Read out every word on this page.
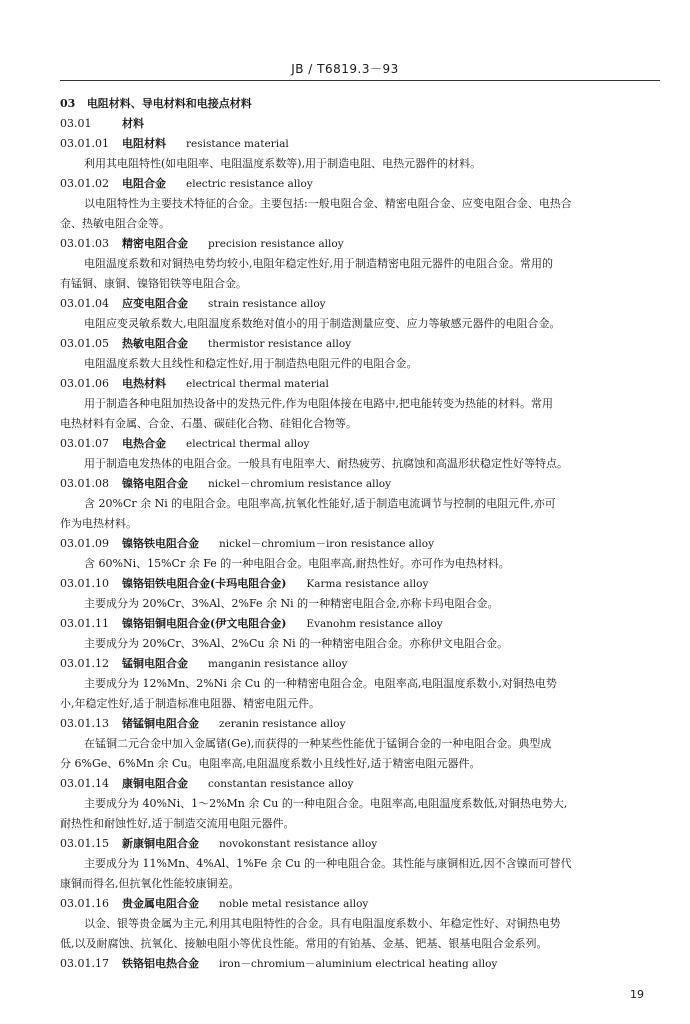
JB / T6819.3－93
03 电阻材料、导电材料和电接点材料
03.01	材料
03.01.01 电阻材料 resistance material
利用其电阻特性(如电阻率、电阻温度系数等),用于制造电阻、电热元器件的材料。
03.01.02 电阻合金 electric resistance alloy
以电阻特性为主要技术特征的合金。主要包括:一般电阻合金、精密电阻合金、应变电阻合金、电热合
金、热敏电阻合金等。
03.01.03 精密电阻合金 precision resistance alloy
电阻温度系数和对铜热电势均较小,电阻年稳定性好,用于制造精密电阻元器件的电阻合金。常用的
有锰铜、康铜、镍铬铝铁等电阻合金。
03.01.04 应变电阻合金 strain resistance alloy
电阻应变灵敏系数大,电阻温度系数绝对值小的用于制造测量应变、应力等敏感元器件的电阻合金。
03.01.05 热敏电阻合金 thermistor resistance alloy
电阻温度系数大且线性和稳定性好,用于制造热电阻元件的电阻合金。
03.01.06 电热材料 electrical thermal material
用于制造各种电阻加热设备中的发热元件,作为电阻体接在电路中,把电能转变为热能的材料。常用
电热材料有金属、合金、石墨、碳硅化合物、硅钼化合物等。
03.01.07 电热合金 electrical thermal alloy
用于制造电发热体的电阻合金。一般具有电阻率大、耐热疲劳、抗腐蚀和高温形状稳定性好等特点。
03.01.08 镍铬电阻合金 nickel－chromium resistance alloy
含 20%Cr 余 Ni 的电阻合金。电阻率高,抗氧化性能好,适于制造电流调节与控制的电阻元件,亦可
作为电热材料。
03.01.09 镍铬铁电阻合金 nickel－chromium－iron resistance alloy
含 60%Ni、15%Cr 余 Fe 的一种电阻合金。电阻率高,耐热性好。亦可作为电热材料。
03.01.10 镍铬铝铁电阻合金(卡玛电阻合金) Karma resistance alloy
主要成分为 20%Cr、3%Al、2%Fe 余 Ni 的一种精密电阻合金,亦称卡玛电阻合金。
03.01.11 镍铬铝铜电阻合金(伊文电阻合金) Evanohm resistance alloy
主要成分为 20%Cr、3%Al、2%Cu 余 Ni 的一种精密电阻合金。亦称伊文电阻合金。
03.01.12 锰铜电阻合金 manganin resistance alloy
主要成分为 12%Mn、2%Ni 余 Cu 的一种精密电阻合金。电阻率高,电阻温度系数小,对铜热电势
小,年稳定性好,适于制造标准电阻器、精密电阻元件。
03.01.13 锗锰铜电阻合金 zeranin resistance alloy
在锰铜二元合金中加入金属锗(Ge),而获得的一种某些性能优于锰铜合金的一种电阻合金。典型成
分 6%Ge、6%Mn 余 Cu。电阻率高,电阻温度系数小且线性好,适于精密电阻元器件。
03.01.14 康铜电阻合金 constantan resistance alloy
主要成分为 40%Ni、1～2%Mn 余 Cu 的一种电阻合金。电阻率高,电阻温度系数低,对铜热电势大,
耐热性和耐蚀性好,适于制造交流用电阻元器件。
03.01.15 新康铜电阻合金 novokonstant resistance alloy
主要成分为 11%Mn、4%Al、1%Fe 余 Cu 的一种电阻合金。其性能与康铜相近,因不含镍而可替代
康铜而得名,但抗氧化性能较康铜差。
03.01.16 贵金属电阻合金 noble metal resistance alloy
以金、银等贵金属为主元,利用其电阻特性的合金。具有电阻温度系数小、年稳定性好、对铜热电势
低,以及耐腐蚀、抗氧化、接触电阻小等优良性能。常用的有铂基、金基、钯基、银基电阻合金系列。
03.01.17 铁铬铝电热合金 iron－chromium－aluminium electrical heating alloy
19
